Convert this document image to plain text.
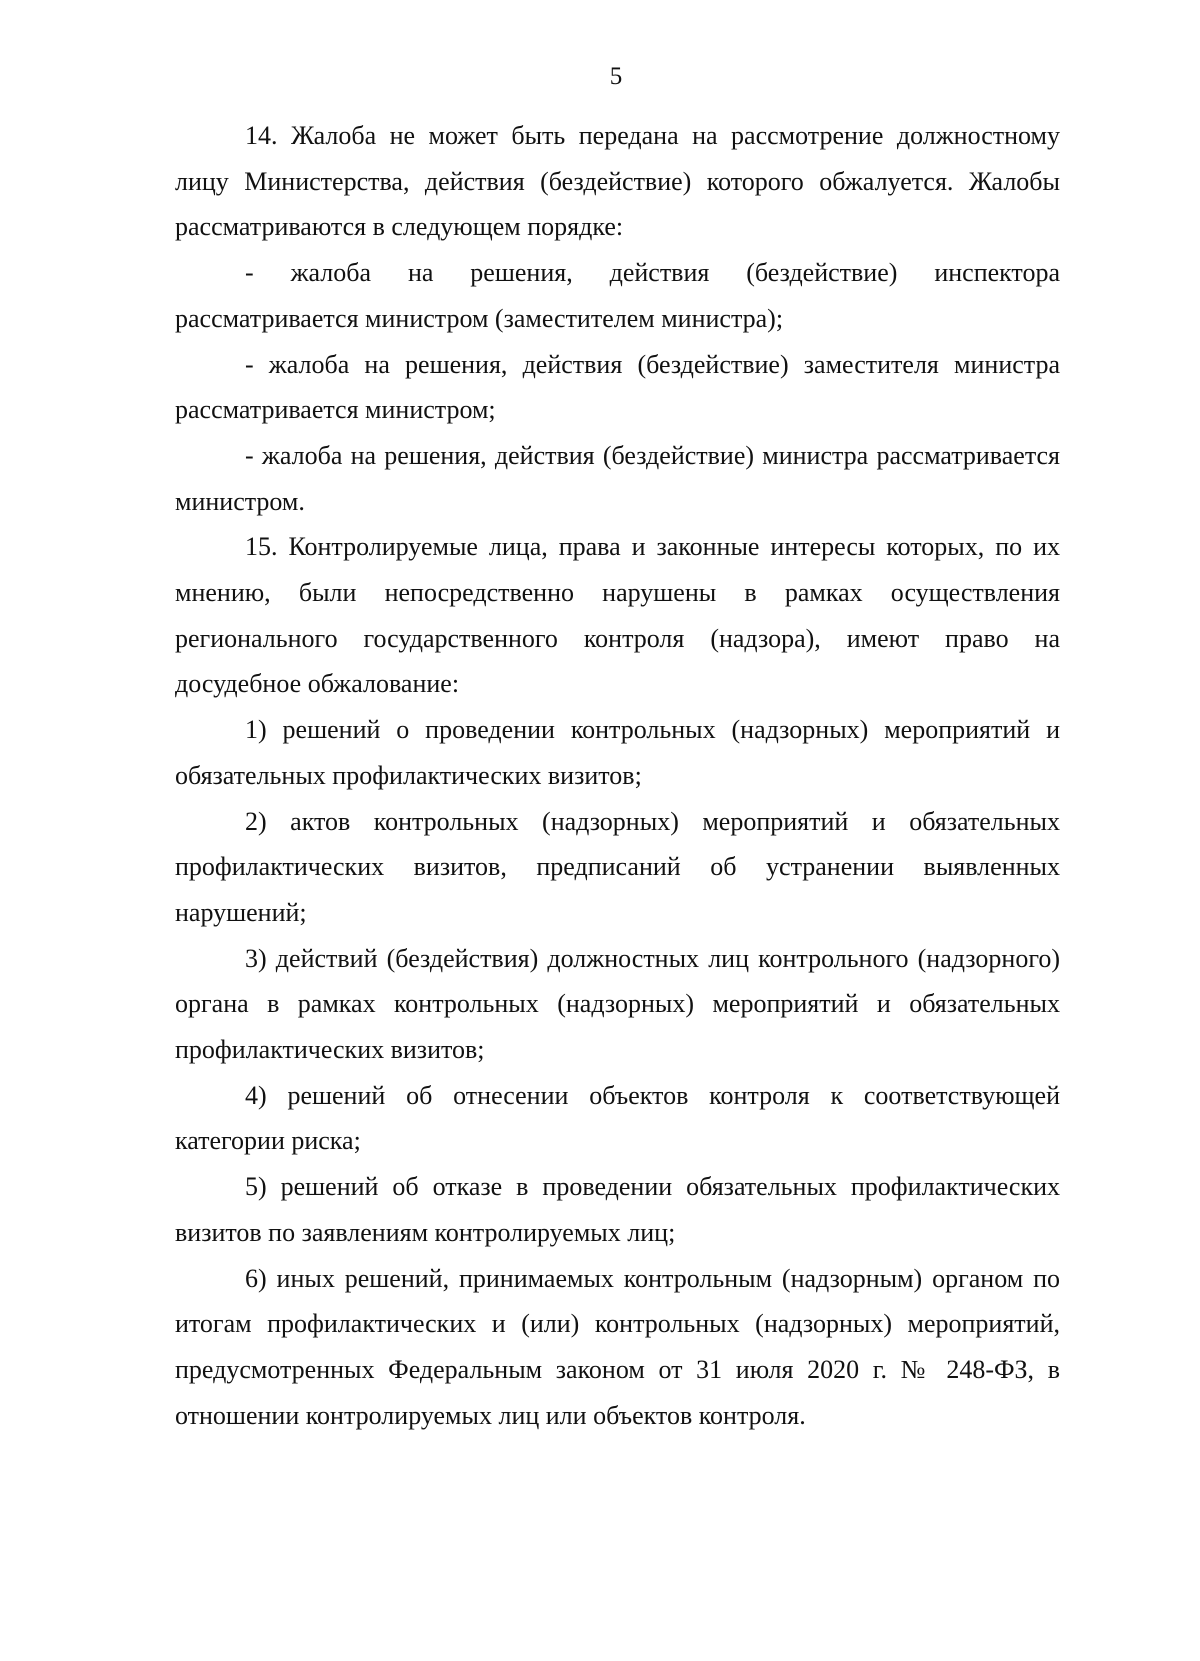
5

14. Жалоба не может быть передана на рассмотрение должностному лицу Министерства, действия (бездействие) которого обжалуется. Жалобы рассматриваются в следующем порядке:

- жалоба на решения, действия (бездействие) инспектора рассматривается министром (заместителем министра);

- жалоба на решения, действия (бездействие) заместителя министра рассматривается министром;

- жалоба на решения, действия (бездействие) министра рассматривается министром.

15. Контролируемые лица, права и законные интересы которых, по их мнению, были непосредственно нарушены в рамках осуществления регионального государственного контроля (надзора), имеют право на досудебное обжалование:

1) решений о проведении контрольных (надзорных) мероприятий и обязательных профилактических визитов;

2) актов контрольных (надзорных) мероприятий и обязательных профилактических визитов, предписаний об устранении выявленных нарушений;

3) действий (бездействия) должностных лиц контрольного (надзорного) органа в рамках контрольных (надзорных) мероприятий и обязательных профилактических визитов;

4) решений об отнесении объектов контроля к соответствующей категории риска;

5) решений об отказе в проведении обязательных профилактических визитов по заявлениям контролируемых лиц;

6) иных решений, принимаемых контрольным (надзорным) органом по итогам профилактических и (или) контрольных (надзорных) мероприятий, предусмотренных Федеральным законом от 31 июля 2020 г. № 248-ФЗ, в отношении контролируемых лиц или объектов контроля.
